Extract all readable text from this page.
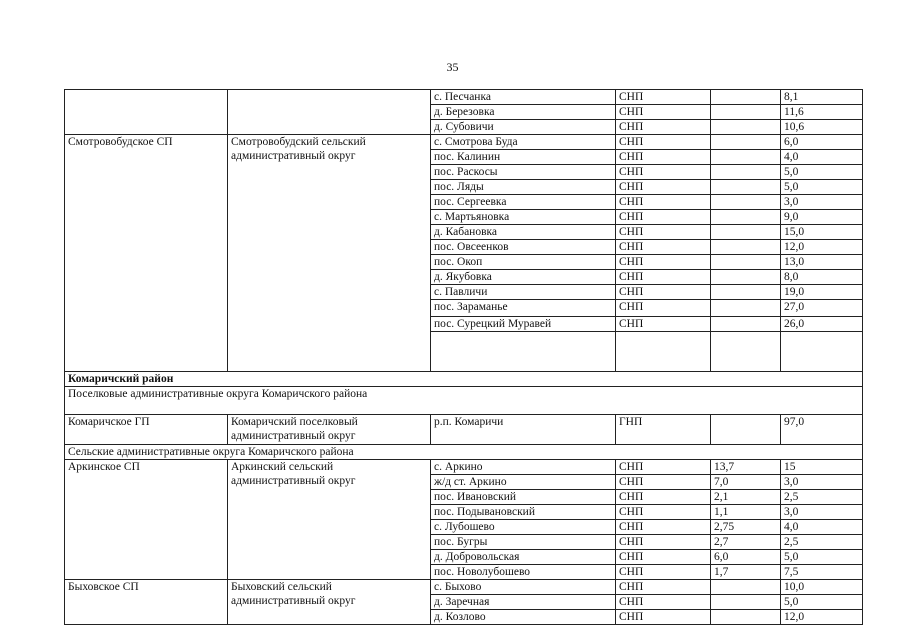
35
		с. Песчанка	СНП		8,1
		д. Березовка	СНП		11,6
		д. Субовичи	СНП		10,6
Смотровобудское СП	Смотровобудский сельский административный округ	с. Смотрова Буда	СНП		6,0
		пос. Калинин	СНП		4,0
		пос. Раскосы	СНП		5,0
		пос. Ляды	СНП		5,0
		пос. Сергеевка	СНП		3,0
		с. Мартьяновка	СНП		9,0
		д. Кабановка	СНП		15,0
		пос. Овсеенков	СНП		12,0
		пос. Окоп	СНП		13,0
		д. Якубовка	СНП		8,0
		с. Павличи	СНП		19,0
		пос. Зараманье	СНП		27,0
		пос. Сурецкий Муравей	СНП		26,0

Комаричский район					
Поселковые административные округа Комаричского района					
Комаричское ГП	Комаричский поселковый административный округ	р.п. Комаричи	ГНП		97,0
Сельские административные округа Комаричского района					
Аркинское СП	Аркинский сельский административный округ	с. Аркино	СНП	13,7	15
		ж/д ст. Аркино	СНП	7,0	3,0
		пос. Ивановский	СНП	2,1	2,5
		пос. Подывановский	СНП	1,1	3,0
		с. Лубошево	СНП	2,75	4,0
		пос. Бугры	СНП	2,7	2,5
		д. Добровольская	СНП	6,0	5,0
		пос. Новолубошево	СНП	1,7	7,5
Быховское СП	Быховский сельский административный округ	с. Быхово	СНП		10,0
		д. Заречная	СНП		5,0
		д. Козлово	СНП		12,0
